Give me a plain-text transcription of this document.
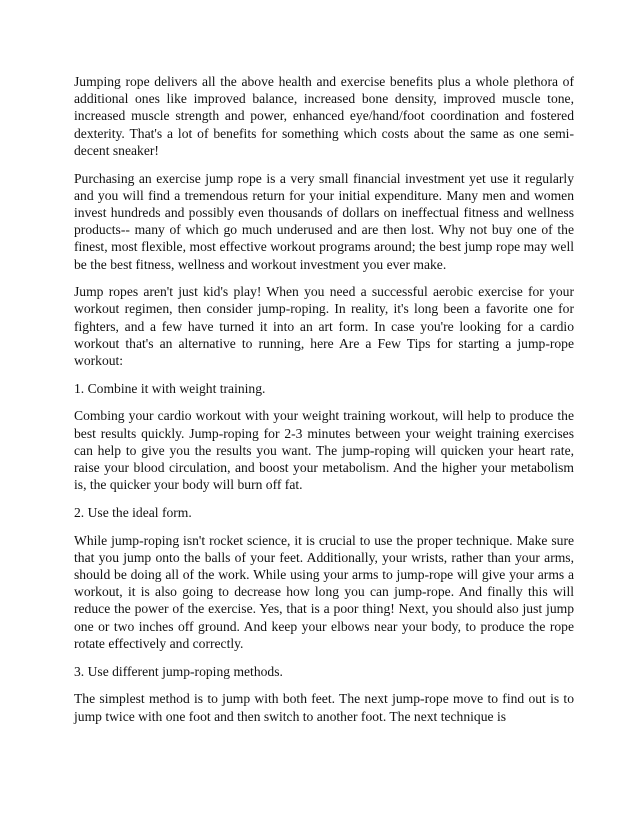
Jumping rope delivers all the above health and exercise benefits plus a whole plethora of additional ones like improved balance, increased bone density, improved muscle tone, increased muscle strength and power, enhanced eye/hand/foot coordination and fostered dexterity. That's a lot of benefits for something which costs about the same as one semi-decent sneaker!

Purchasing an exercise jump rope is a very small financial investment yet use it regularly and you will find a tremendous return for your initial expenditure. Many men and women invest hundreds and possibly even thousands of dollars on ineffectual fitness and wellness products-- many of which go much underused and are then lost. Why not buy one of the finest, most flexible, most effective workout programs around; the best jump rope may well be the best fitness, wellness and workout investment you ever make.

Jump ropes aren't just kid's play! When you need a successful aerobic exercise for your workout regimen, then consider jump-roping. In reality, it's long been a favorite one for fighters, and a few have turned it into an art form. In case you're looking for a cardio workout that's an alternative to running, here Are a Few Tips for starting a jump-rope workout:

1. Combine it with weight training.

Combing your cardio workout with your weight training workout, will help to produce the best results quickly. Jump-roping for 2-3 minutes between your weight training exercises can help to give you the results you want. The jump-roping will quicken your heart rate, raise your blood circulation, and boost your metabolism. And the higher your metabolism is, the quicker your body will burn off fat.

2. Use the ideal form.

While jump-roping isn't rocket science, it is crucial to use the proper technique. Make sure that you jump onto the balls of your feet. Additionally, your wrists, rather than your arms, should be doing all of the work. While using your arms to jump-rope will give your arms a workout, it is also going to decrease how long you can jump-rope. And finally this will reduce the power of the exercise. Yes, that is a poor thing! Next, you should also just jump one or two inches off ground. And keep your elbows near your body, to produce the rope rotate effectively and correctly.

3. Use different jump-roping methods.

The simplest method is to jump with both feet. The next jump-rope move to find out is to jump twice with one foot and then switch to another foot. The next technique is
